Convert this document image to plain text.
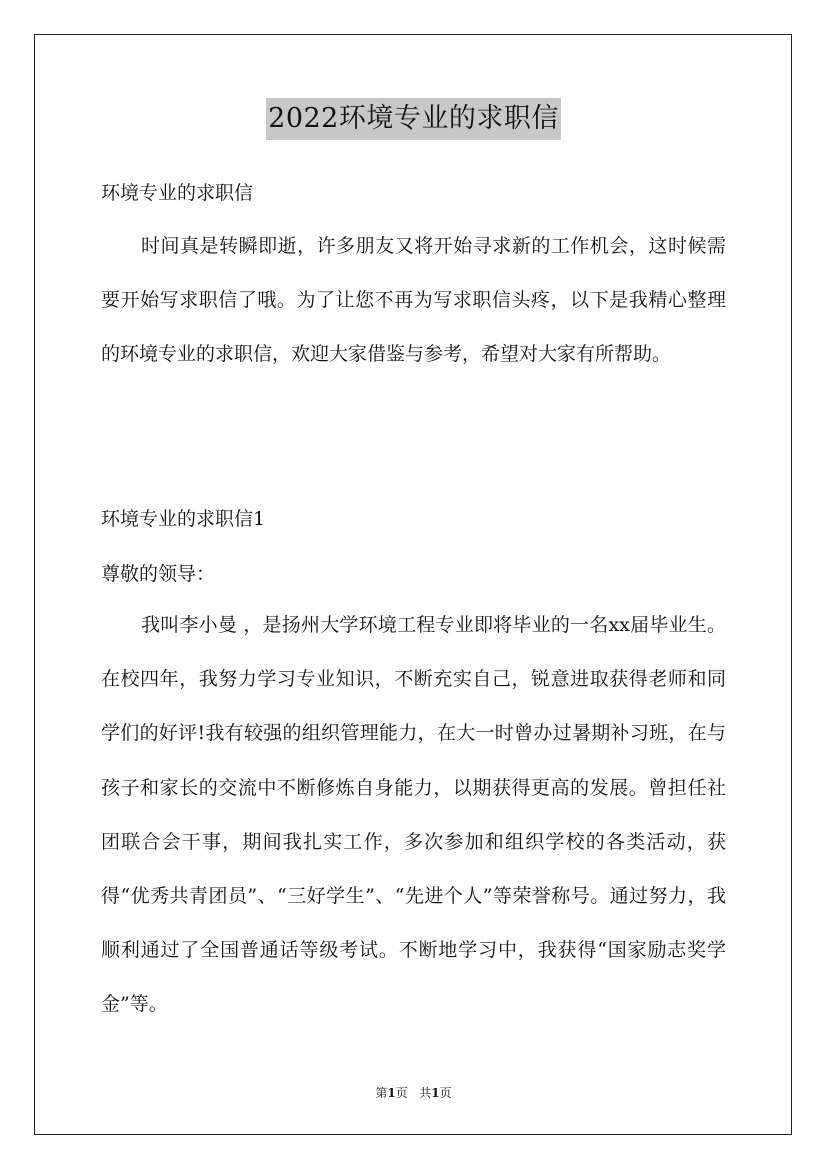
2022环境专业的求职信
环境专业的求职信

时间真是转瞬即逝，许多朋友又将开始寻求新的工作机会，这时候需要开始写求职信了哦。为了让您不再为写求职信头疼，以下是我精心整理的环境专业的求职信，欢迎大家借鉴与参考，希望对大家有所帮助。

环境专业的求职信1
尊敬的领导：

我叫李小曼 ，是扬州大学环境工程专业即将毕业的一名xx届毕业生。在校四年，我努力学习专业知识，不断充实自己，锐意进取获得老师和同学们的好评!我有较强的组织管理能力，在大一时曾办过暑期补习班，在与孩子和家长的交流中不断修炼自身能力，以期获得更高的发展。曾担任社团联合会干事，期间我扎实工作，多次参加和组织学校的各类活动，获得“优秀共青团员”、“三好学生”、“先进个人”等荣誉称号。通过努力，我顺利通过了全国普通话等级考试。不断地学习中，我获得“国家励志奖学金”等。

第1页   共1页
